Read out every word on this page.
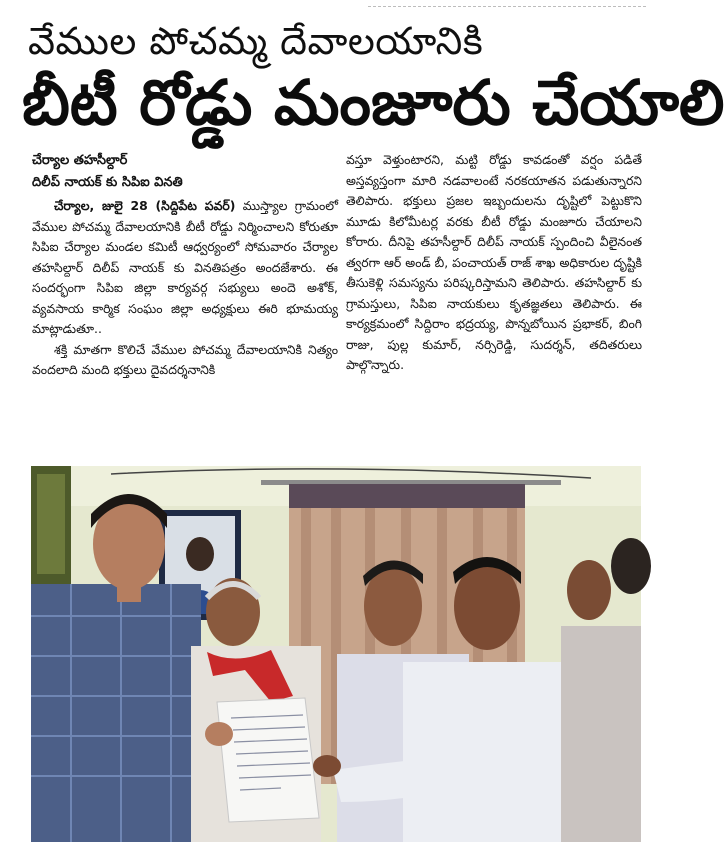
వేముల పోచమ్మ దేవాలయానికి
బీటీ రోడ్డు మంజూరు చేయాలి
చేర్యాల తహసీల్దార్
దిలీప్ నాయక్ కు సిపిఐ వినతి

చేర్యాల, జులై 28 (సిద్దిపేట పవర్) ముస్త్యాల గ్రామంలో వేముల పోచమ్మ దేవాలయానికి బీటీ రోడ్డు నిర్మించాలని కోరుతూ సిపిఐ చేర్యాల మండల కమిటీ ఆధ్వర్యంలో సోమవారం చేర్యాల తహసిల్దార్ దిలీప్ నాయక్ కు వినతిపత్రం అందజేశారు. ఈ సందర్భంగా సిపిఐ జిల్లా కార్యవర్గ సభ్యులు అందె అశోక్, వ్యవసాయ కార్మిక సంఘం జిల్లా అధ్యక్షులు ఈరి భూమయ్య మాట్లాడుతూ..

శక్తి మాతగా కొలిచే వేముల పోచమ్మ దేవాలయానికి నిత్యం వందలాది మంది భక్తులు దైవదర్శనానికి

వస్తూ వెళ్తుంటారని, మట్టి రోడ్డు కావడంతో వర్షం పడితే అస్తవ్యస్తంగా మారి నడవాలంటే నరకయాతన పడుతున్నారని తెలిపారు. భక్తులు ప్రజల ఇబ్బందులను దృష్టిలో పెట్టుకొని మూడు కిలోమీటర్ల వరకు బీటీ రోడ్డు మంజూరు చేయాలని కోరారు. దీనిపై తహసీల్దార్ దిలీప్ నాయక్ స్పందించి వీలైనంత త్వరగా ఆర్ అండ్ బీ, పంచాయత్ రాజ్ శాఖ అధికారుల దృష్టికి తీసుకెళ్లి సమస్యను పరిష్కరిస్తామని తెలిపారు. తహసిల్దార్ కు గ్రామస్తులు, సిపిఐ నాయకులు కృతజ్ఞతలు తెలిపారు. ఈ కార్యక్రమంలో సిద్దిరాం భద్రయ్య, పొన్నబోయిన ప్రభాకర్, బింగి రాజు, పుల్ల కుమార్, నర్సిరెడ్డి, సుదర్శన్, తదితరులు పాల్గొన్నారు.
